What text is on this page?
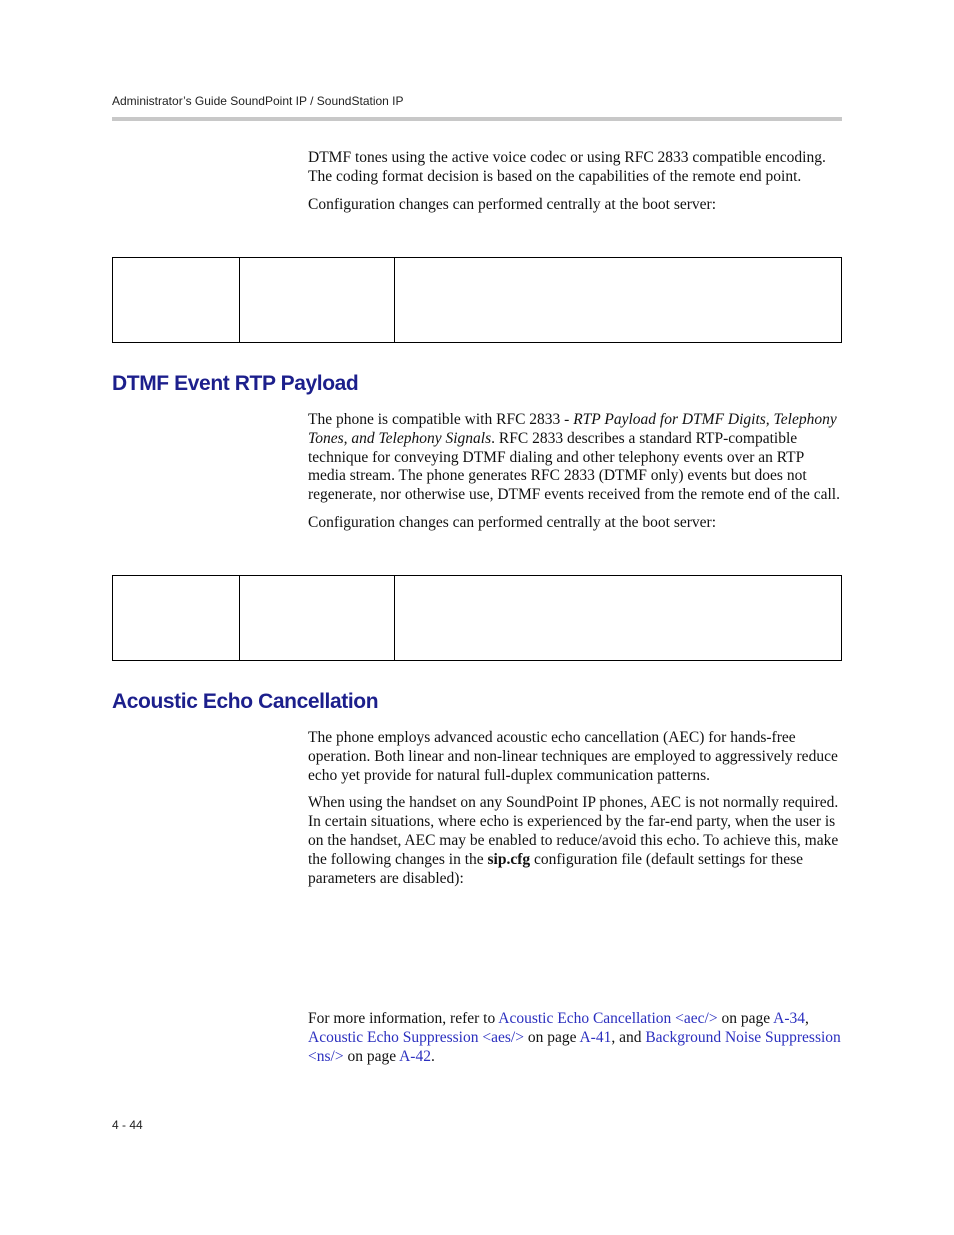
Administrator’s Guide SoundPoint IP / SoundStation IP

DTMF tones using the active voice codec or using RFC 2833 compatible encoding. The coding format decision is based on the capabilities of the remote end point.

Configuration changes can performed centrally at the boot server:

DTMF Event RTP Payload

The phone is compatible with RFC 2833 - RTP Payload for DTMF Digits, Telephony Tones, and Telephony Signals. RFC 2833 describes a standard RTP-compatible technique for conveying DTMF dialing and other telephony events over an RTP media stream. The phone generates RFC 2833 (DTMF only) events but does not regenerate, nor otherwise use, DTMF events received from the remote end of the call.

Configuration changes can performed centrally at the boot server:

Acoustic Echo Cancellation

The phone employs advanced acoustic echo cancellation (AEC) for hands-free operation. Both linear and non-linear techniques are employed to aggressively reduce echo yet provide for natural full-duplex communication patterns.

When using the handset on any SoundPoint IP phones, AEC is not normally required. In certain situations, where echo is experienced by the far-end party, when the user is on the handset, AEC may be enabled to reduce/avoid this echo. To achieve this, make the following changes in the sip.cfg configuration file (default settings for these parameters are disabled):

For more information, refer to Acoustic Echo Cancellation <aec/> on page A-34, Acoustic Echo Suppression <aes/> on page A-41, and Background Noise Suppression <ns/> on page A-42.

4 - 44
